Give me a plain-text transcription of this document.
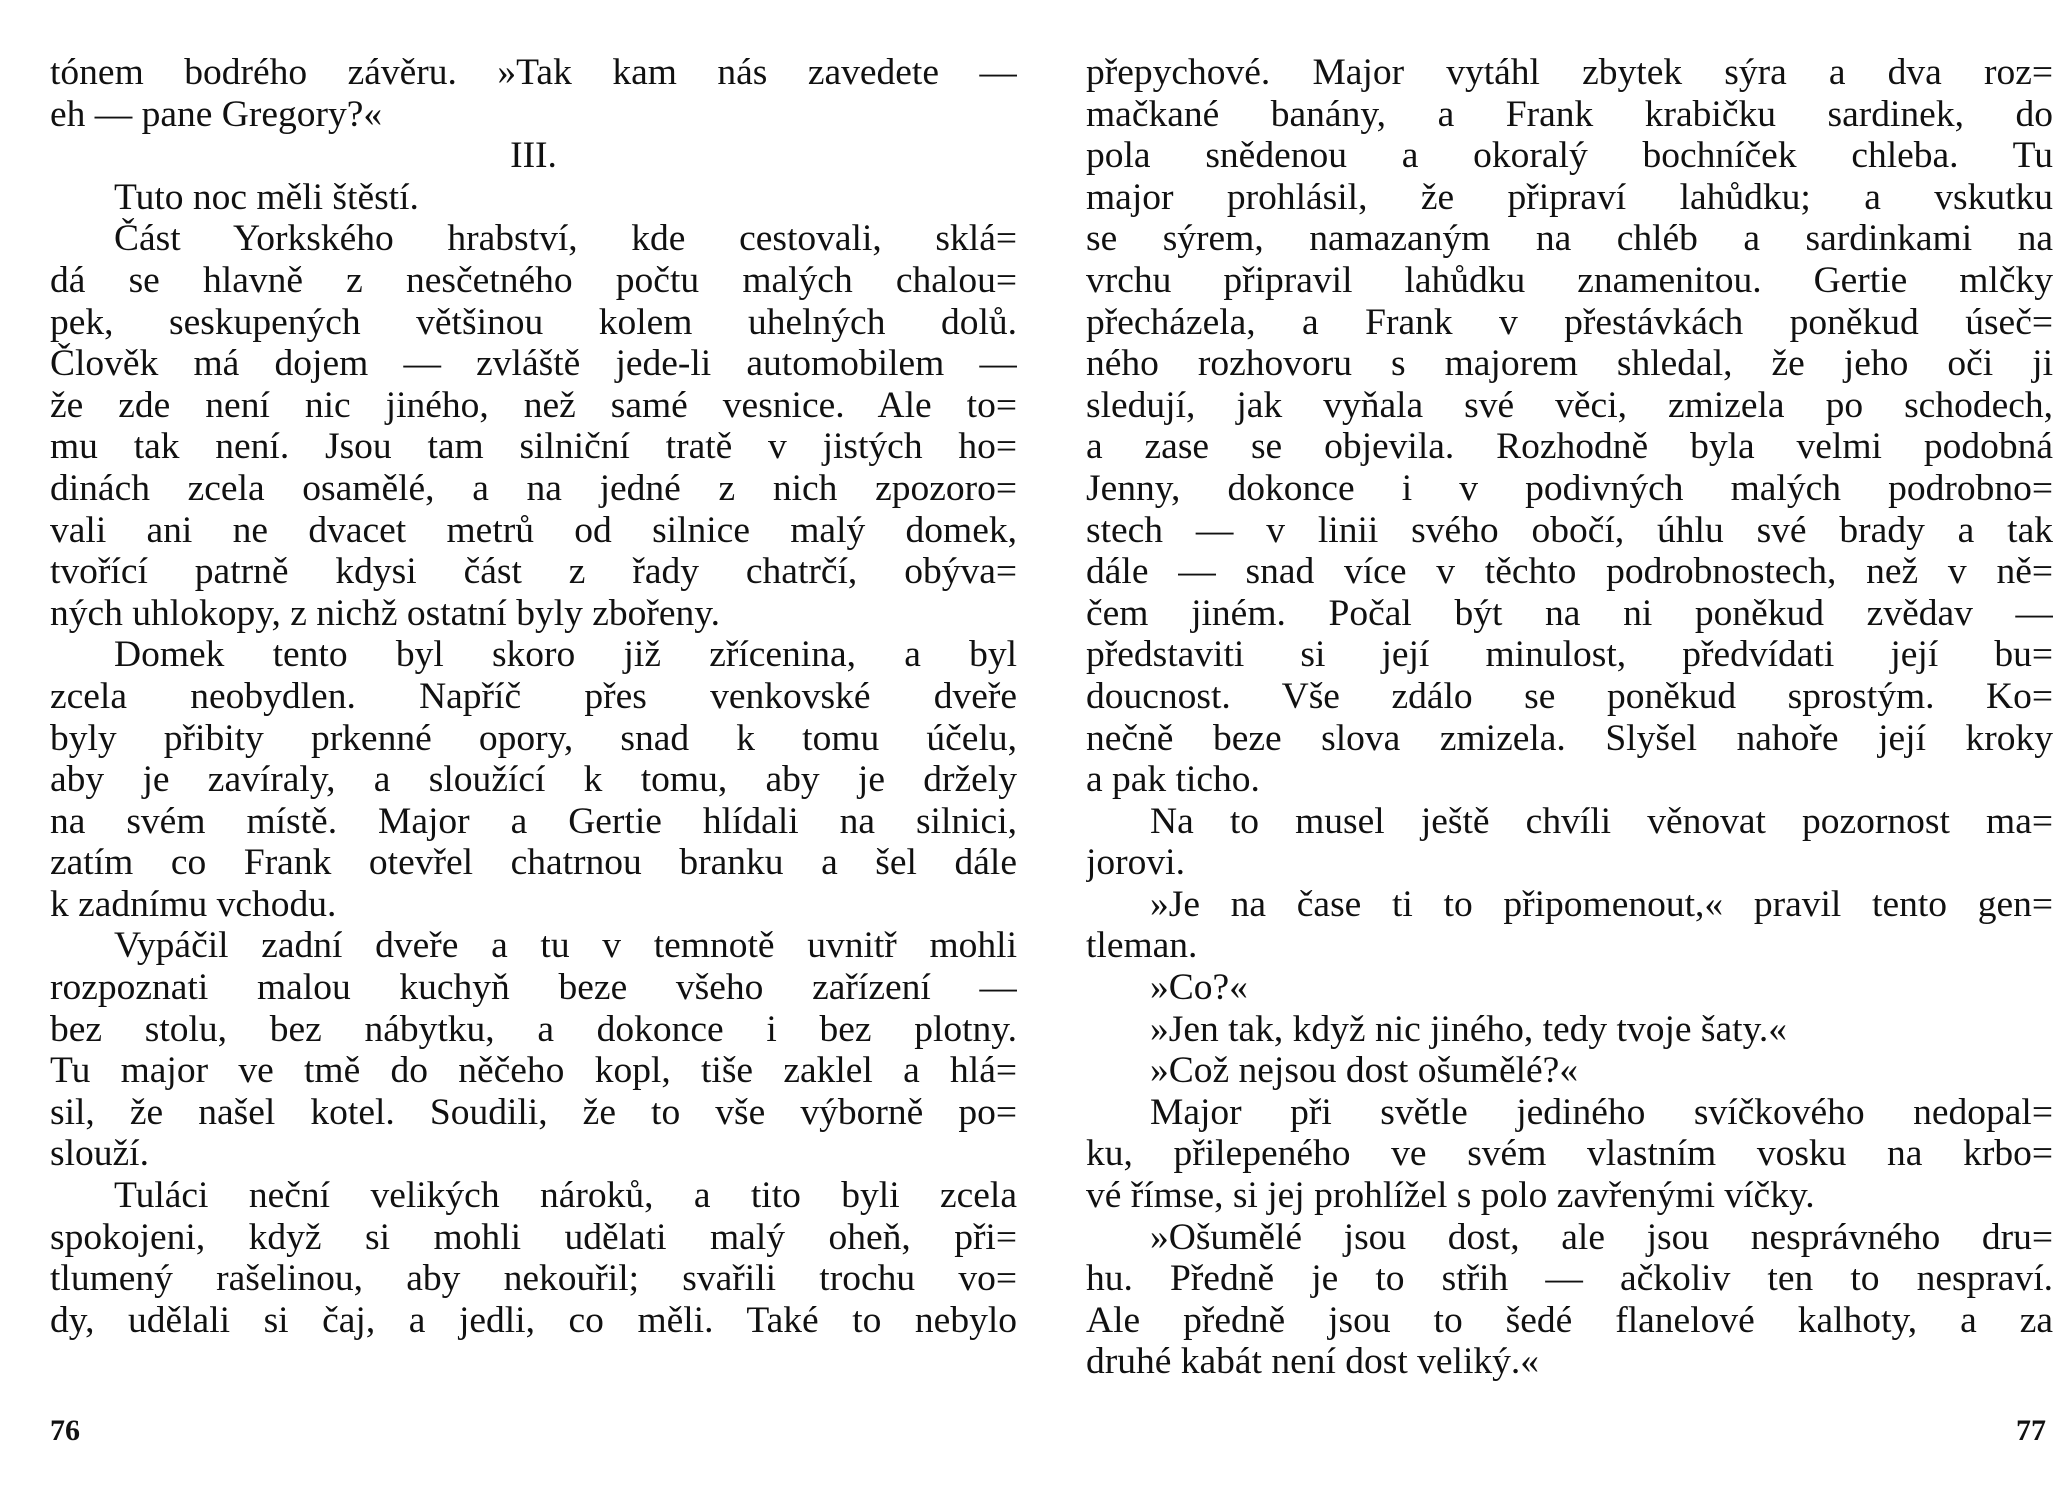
tónem bodrého závěru. »Tak kam nás zavedete —
eh — pane Gregory?«
III.
Tuto noc měli štěstí.
Část Yorkského hrabství, kde cestovali, sklá=
dá se hlavně z nesčetného počtu malých chalou=
pek, seskupených většinou kolem uhelných dolů.
Člověk má dojem — zvláště jede-li automobilem —
že zde není nic jiného, než samé vesnice. Ale to=
mu tak není. Jsou tam silniční tratě v jistých ho=
dinách zcela osamělé, a na jedné z nich zpozoro=
vali ani ne dvacet metrů od silnice malý domek,
tvořící patrně kdysi část z řady chatrčí, obýva=
ných uhlokopy, z nichž ostatní byly zbořeny.
Domek tento byl skoro již zřícenina, a byl
zcela neobydlen. Napříč přes venkovské dveře
byly přibity prkenné opory, snad k tomu účelu,
aby je zavíraly, a sloužící k tomu, aby je držely
na svém místě. Major a Gertie hlídali na silnici,
zatím co Frank otevřel chatrnou branku a šel dále
k zadnímu vchodu.
Vypáčil zadní dveře a tu v temnotě uvnitř mohli
rozpoznati malou kuchyň beze všeho zařízení —
bez stolu, bez nábytku, a dokonce i bez plotny.
Tu major ve tmě do něčeho kopl, tiše zaklel a hlá=
sil, že našel kotel. Soudili, že to vše výborně po=
slouží.
Tuláci neční velikých nároků, a tito byli zcela
spokojeni, když si mohli udělati malý oheň, při=
tlumený rašelinou, aby nekouřil; svařili trochu vo=
dy, udělali si čaj, a jedli, co měli. Také to nebylo
76
přepychové. Major vytáhl zbytek sýra a dva roz=
mačkané banány, a Frank krabičku sardinek, do
pola snědenou a okoralý bochníček chleba. Tu
major prohlásil, že připraví lahůdku; a vskutku
se sýrem, namazaným na chléb a sardinkami na
vrchu připravil lahůdku znamenitou. Gertie mlčky
přecházela, a Frank v přestávkách poněkud úseč=
ného rozhovoru s majorem shledal, že jeho oči ji
sledují, jak vyňala své věci, zmizela po schodech,
a zase se objevila. Rozhodně byla velmi podobná
Jenny, dokonce i v podivných malých podrobno=
stech — v linii svého obočí, úhlu své brady a tak
dále — snad více v těchto podrobnostech, než v ně=
čem jiném. Počal být na ni poněkud zvědav —
představiti si její minulost, předvídati její bu=
doucnost. Vše zdálo se poněkud sprostým. Ko=
nečně beze slova zmizela. Slyšel nahoře její kroky
a pak ticho.
Na to musel ještě chvíli věnovat pozornost ma=
jorovi.
»Je na čase ti to připomenout,« pravil tento gen=
tleman.
»Co?«
»Jen tak, když nic jiného, tedy tvoje šaty.«
»Což nejsou dost ošumělé?«
Major při světle jediného svíčkového nedopal=
ku, přilepeného ve svém vlastním vosku na krbo=
vé římse, si jej prohlížel s polo zavřenými víčky.
»Ošumělé jsou dost, ale jsou nesprávného dru=
hu. Předně je to střih — ačkoliv ten to nespraví.
Ale předně jsou to šedé flanelové kalhoty, a za
druhé kabát není dost veliký.«
77
